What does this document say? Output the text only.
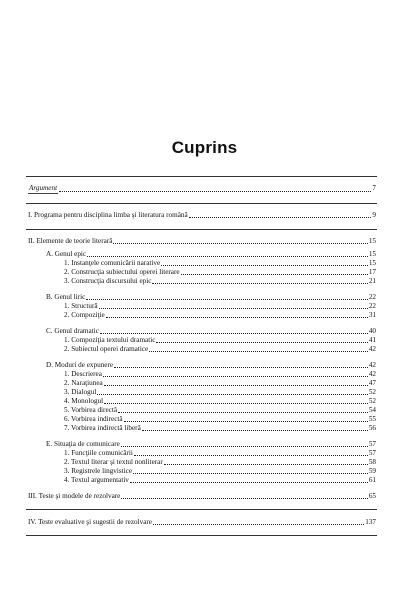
Cuprins
Argument	7
I. Programa pentru disciplina limba şi literatura română	9
II. Elemente de teorie literară	15
A. Genul epic	15
1. Instanţele comunicării narative	15
2. Construcţia subiectului operei literare	17
3. Construcţia discursului epic	21
B. Genul liric	22
1. Structură	22
2. Compoziţie	31
C. Genul dramatic	40
1. Compoziţia textului dramatic	41
2. Subiectul operei dramatice	42
D. Moduri de expunere	42
1. Descrierea	42
2. Naraţiunea	47
3. Dialogul	52
4. Monologul	52
5. Vorbirea directă	54
6. Vorbirea indirectă	55
7. Vorbirea indirectă liberă	56
E. Situaţia de comunicare	57
1. Funcţiile comunicării	57
2. Textul literar şi textul nonliterar	58
3. Registrele lingvistice	59
4. Textul argumentativ	61
III. Teste şi modele de rezolvare	65
IV. Teste evaluative şi sugestii de rezolvare	137
